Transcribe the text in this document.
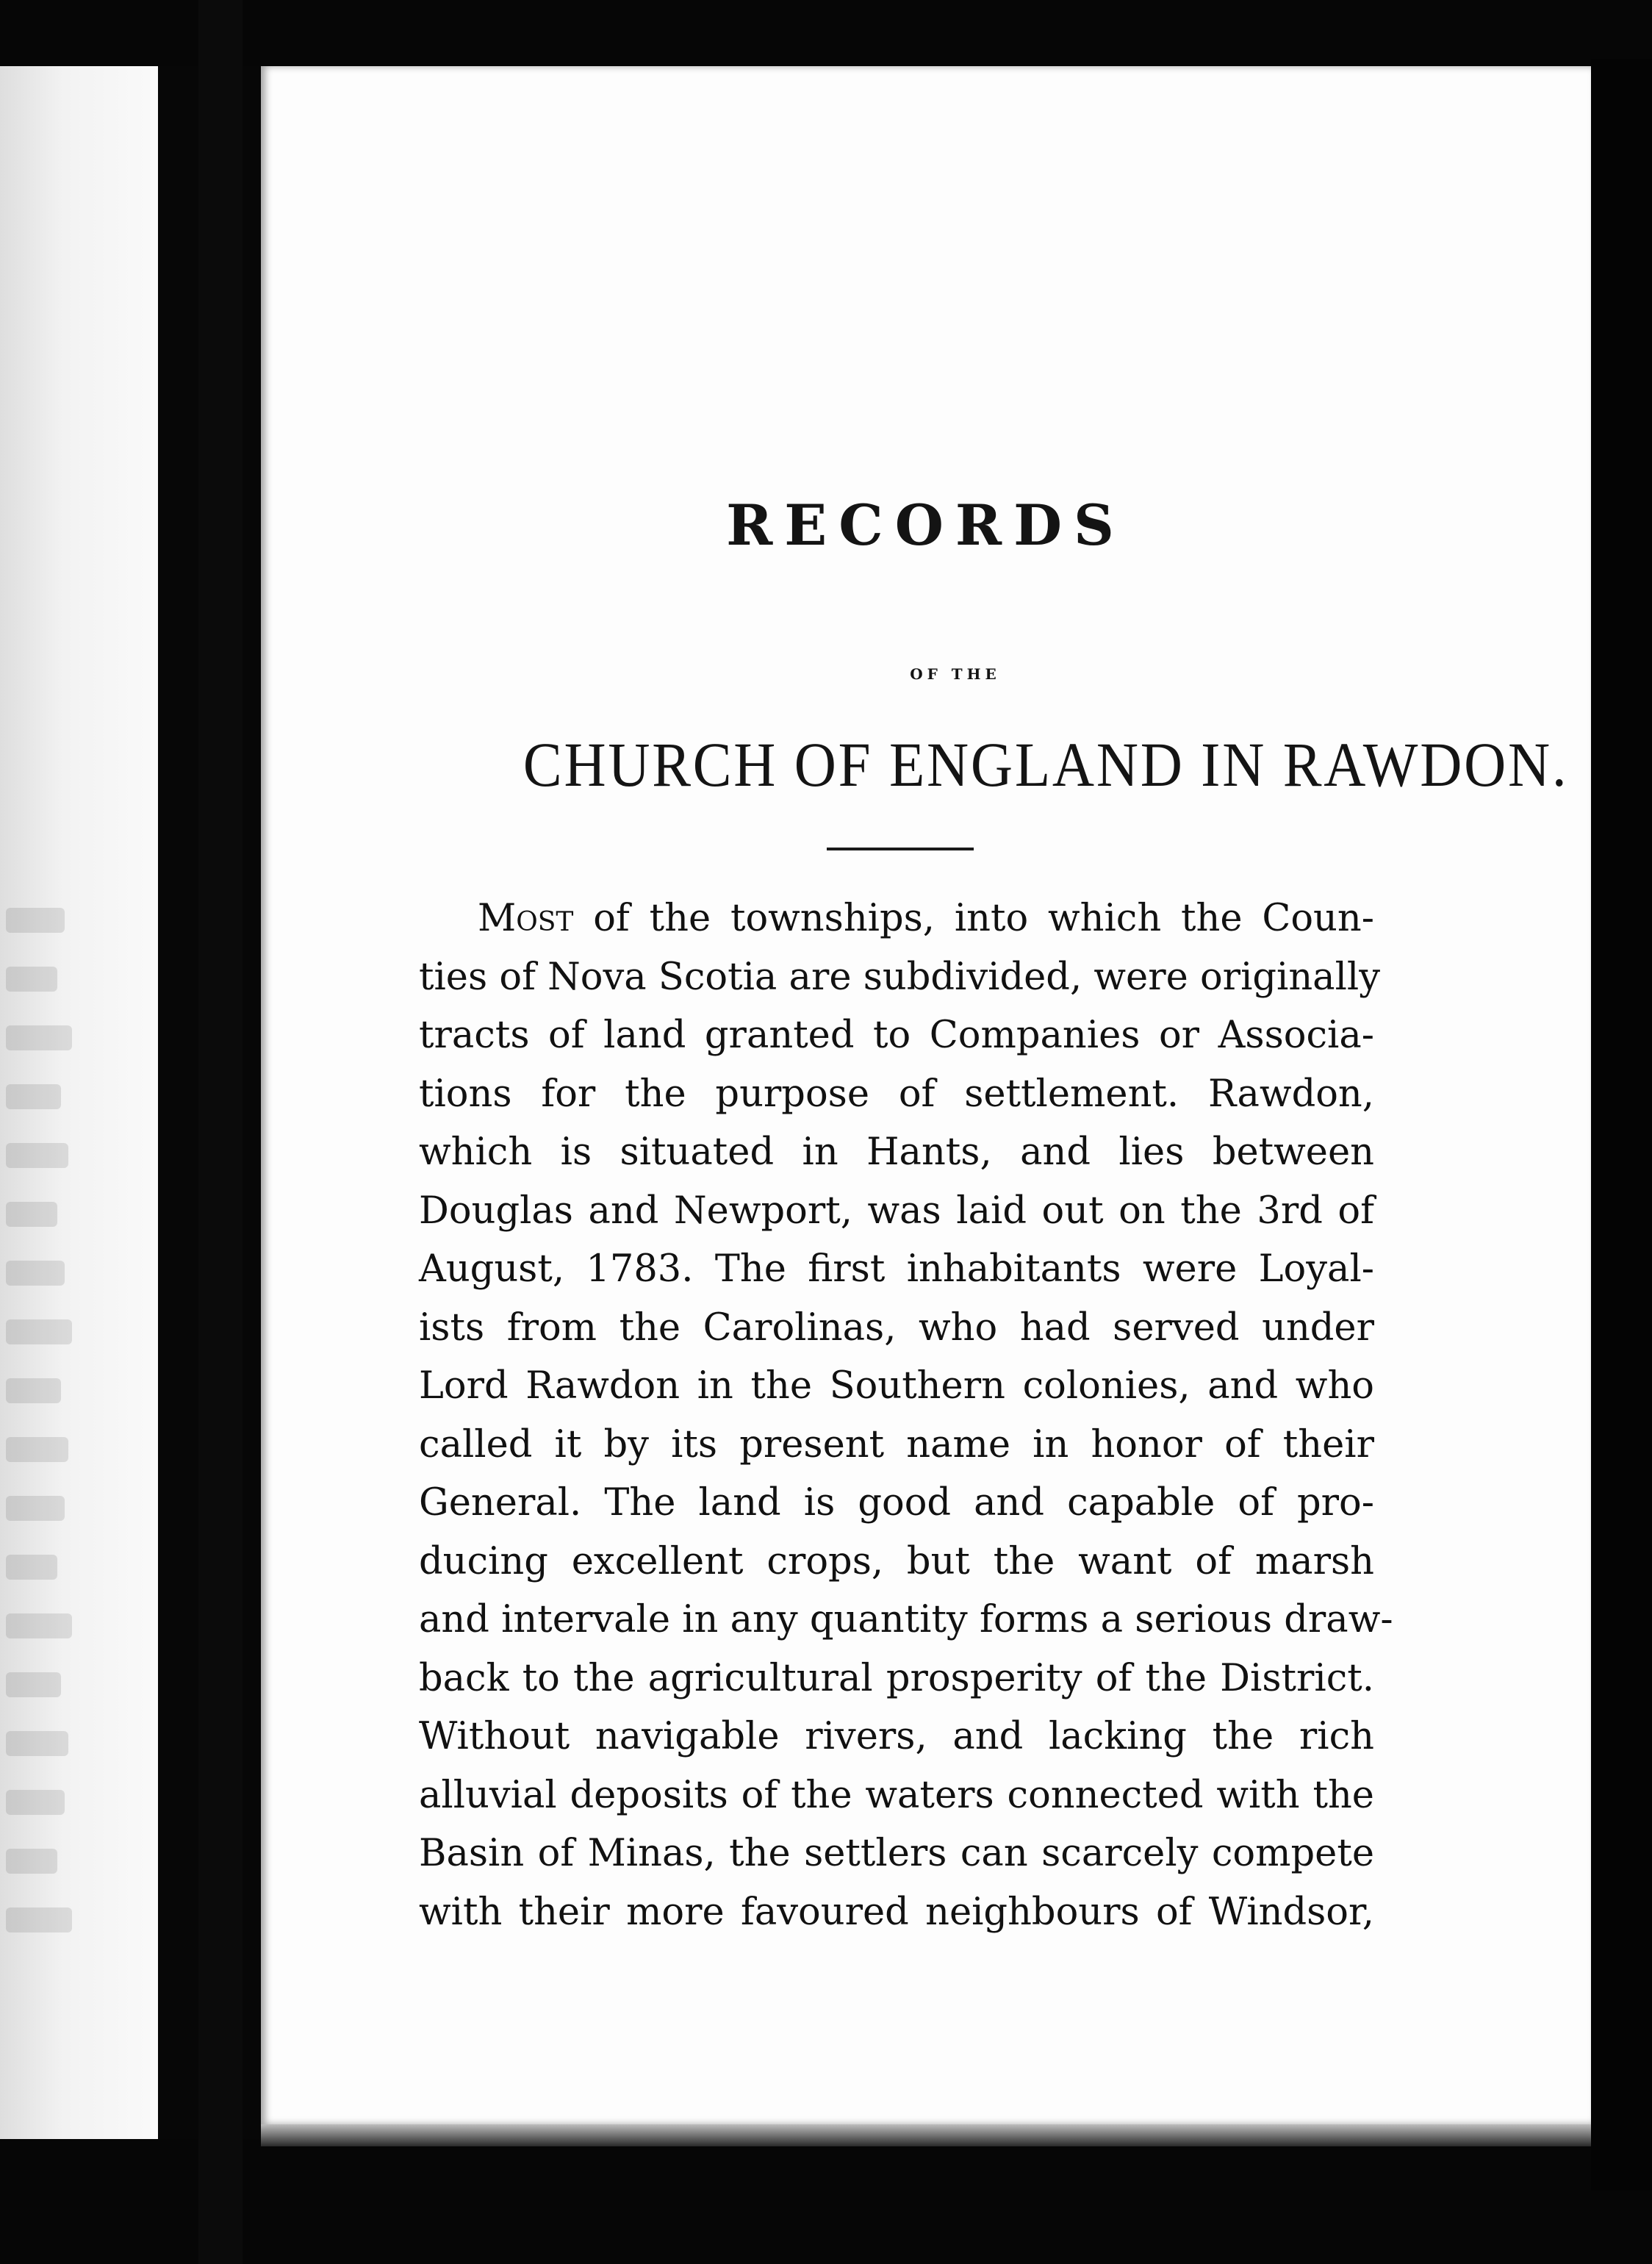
RECORDS
OF THE
CHURCH OF ENGLAND IN RAWDON.
Most of the townships, into which the Coun-
ties of Nova Scotia are subdivided, were originally
tracts of land granted to Companies or Associa-
tions for the purpose of settlement. Rawdon,
which is situated in Hants, and lies between
Douglas and Newport, was laid out on the 3rd of
August, 1783. The first inhabitants were Loyal-
ists from the Carolinas, who had served under
Lord Rawdon in the Southern colonies, and who
called it by its present name in honor of their
General. The land is good and capable of pro-
ducing excellent crops, but the want of marsh
and intervale in any quantity forms a serious draw-
back to the agricultural prosperity of the District.
Without navigable rivers, and lacking the rich
alluvial deposits of the waters connected with the
Basin of Minas, the settlers can scarcely compete
with their more favoured neighbours of Windsor,
